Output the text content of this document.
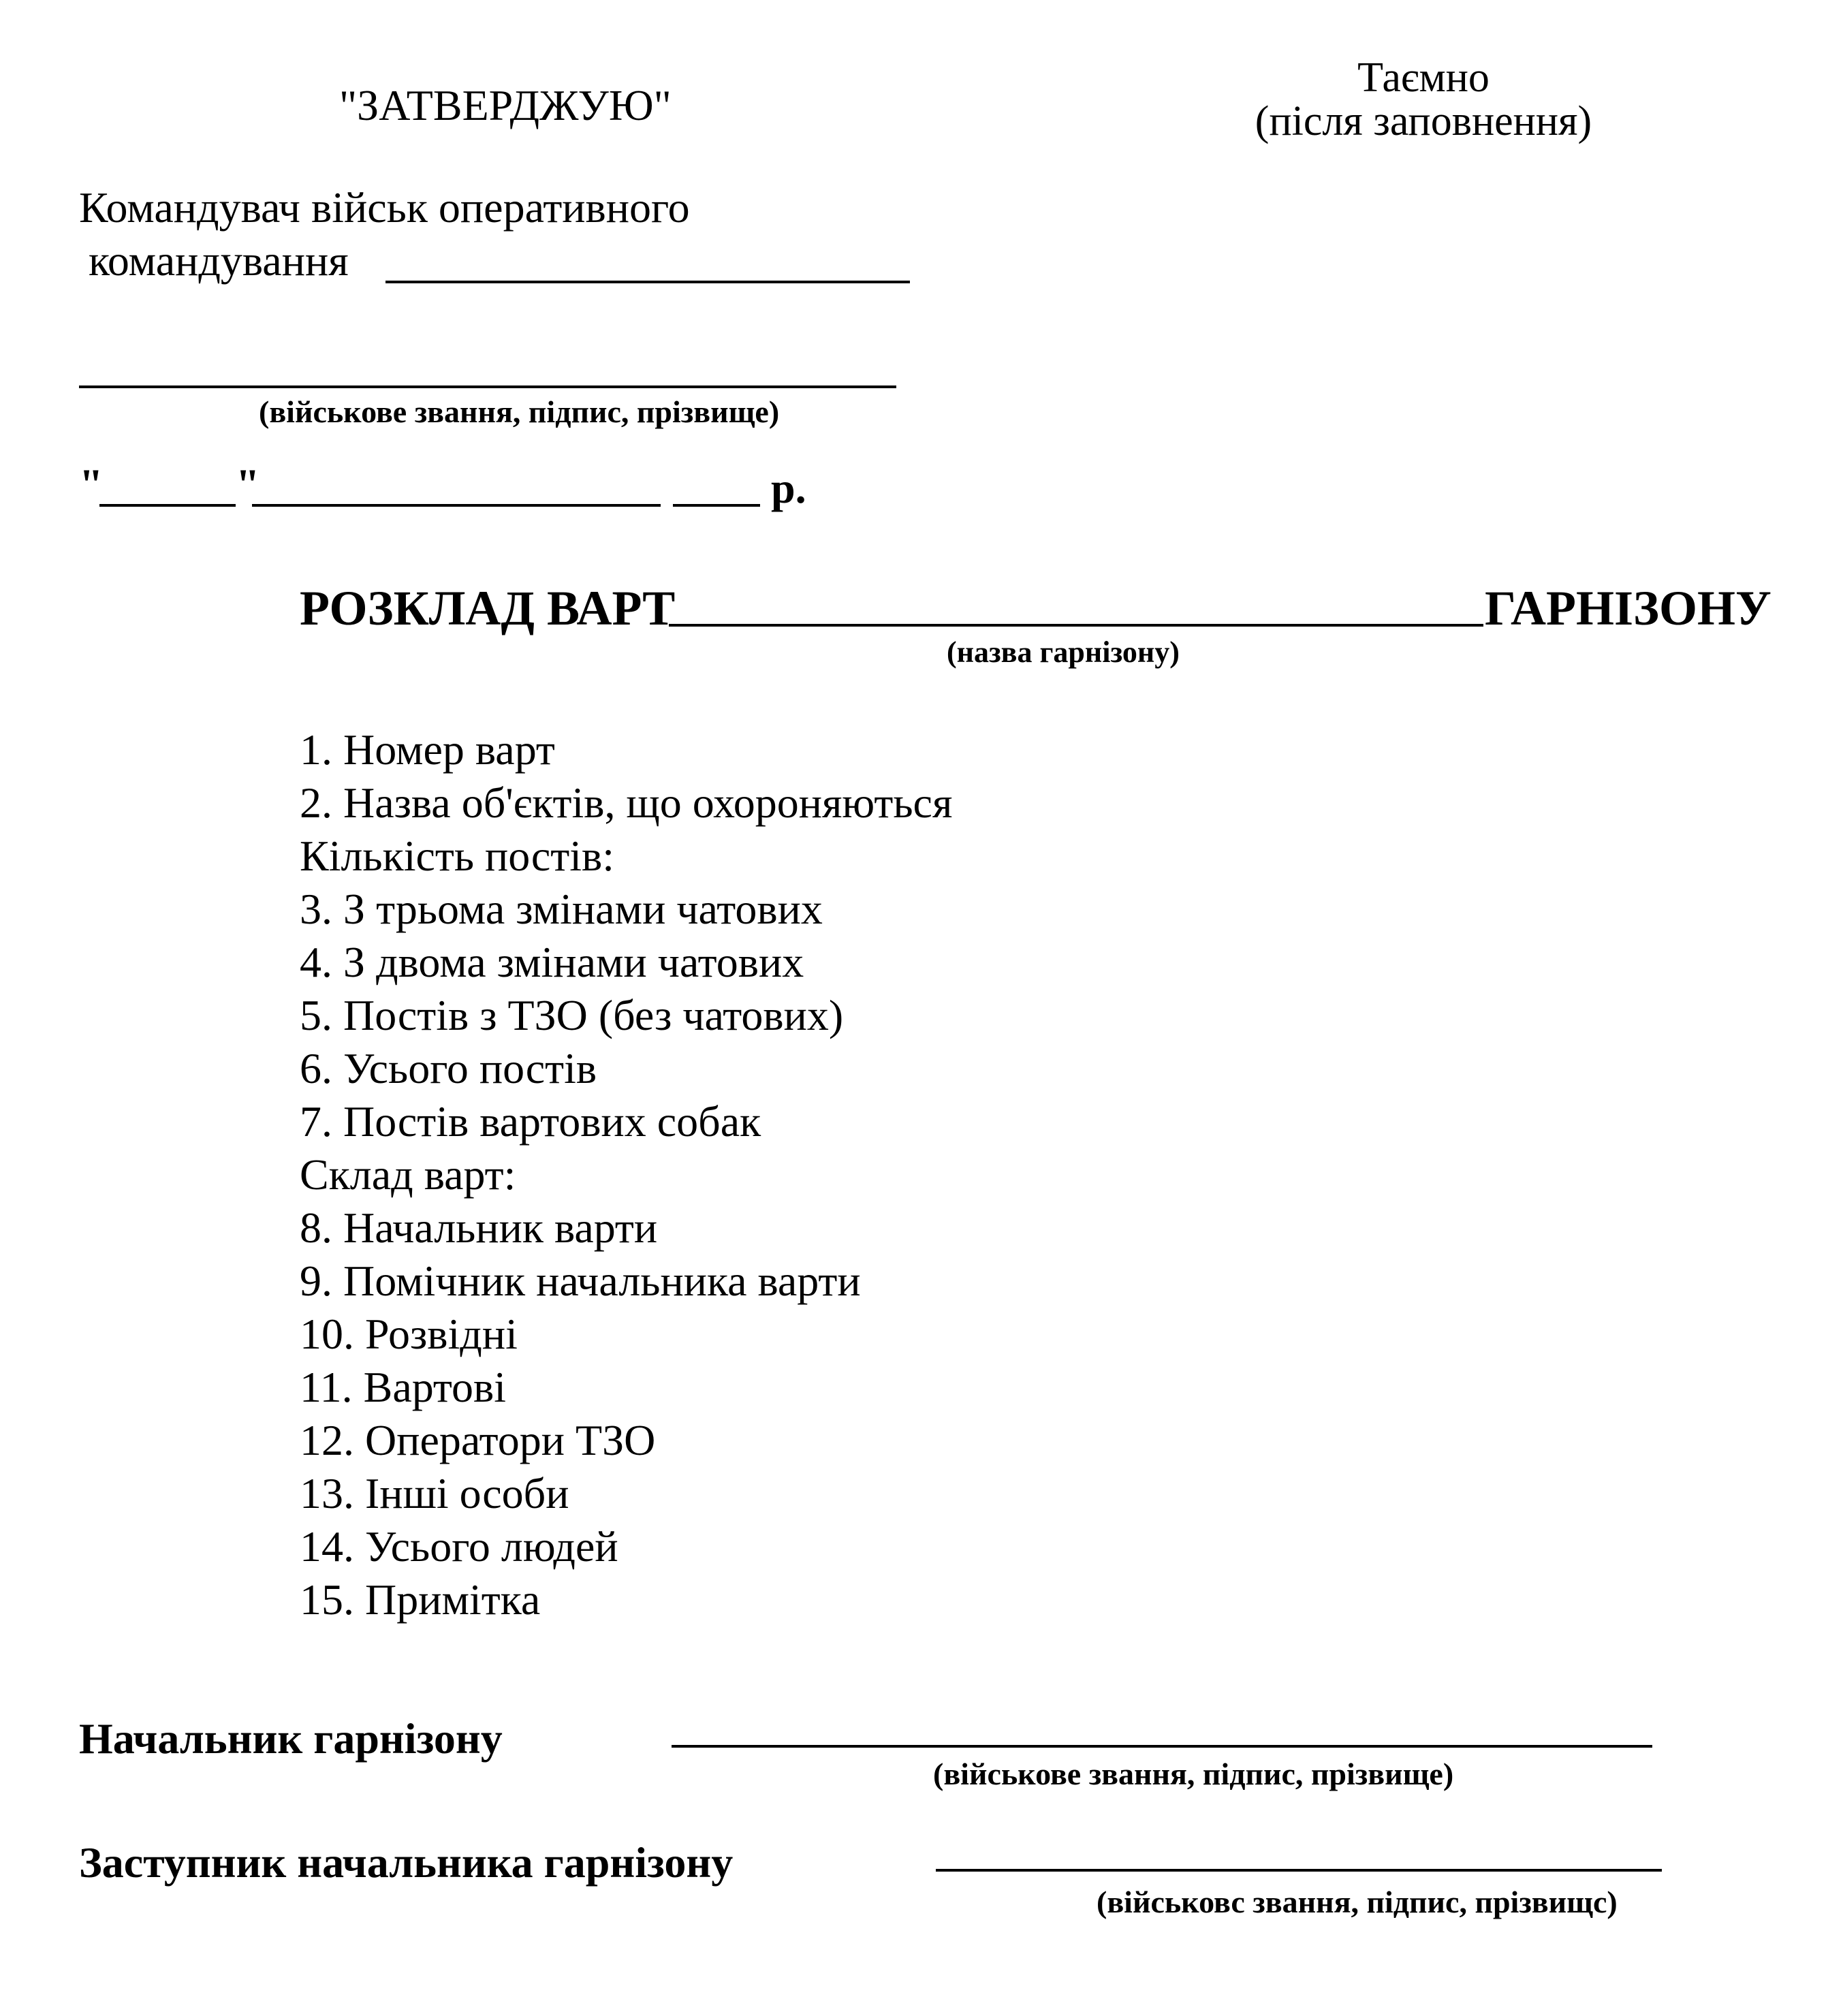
"ЗАТВЕРДЖУЮ"
Таємно
(після заповнення)
Командувач військ оперативного
командування
(військове звання, підпис, прізвище)
"	"	р.
РОЗКЛАД ВАРТ	ГАРНІЗОНУ
(назва гарнізону)
1. Номер варт
2. Назва об'єктів, що охороняються
Кількість постів:
3. З трьома змінами чатових
4. З двома змінами чатових
5. Постів з ТЗО (без чатових)
6. Усього постів
7. Постів вартових собак
Склад варт:
8. Начальник варти
9. Помічник начальника варти
10. Розвідні
11. Вартові
12. Оператори ТЗО
13. Інші особи
14. Усього людей
15. Примітка
Начальник гарнізону
(військове звання, підпис, прізвище)
Заступник начальника гарнізону
(військовс звання, підпис, прізвищс)
